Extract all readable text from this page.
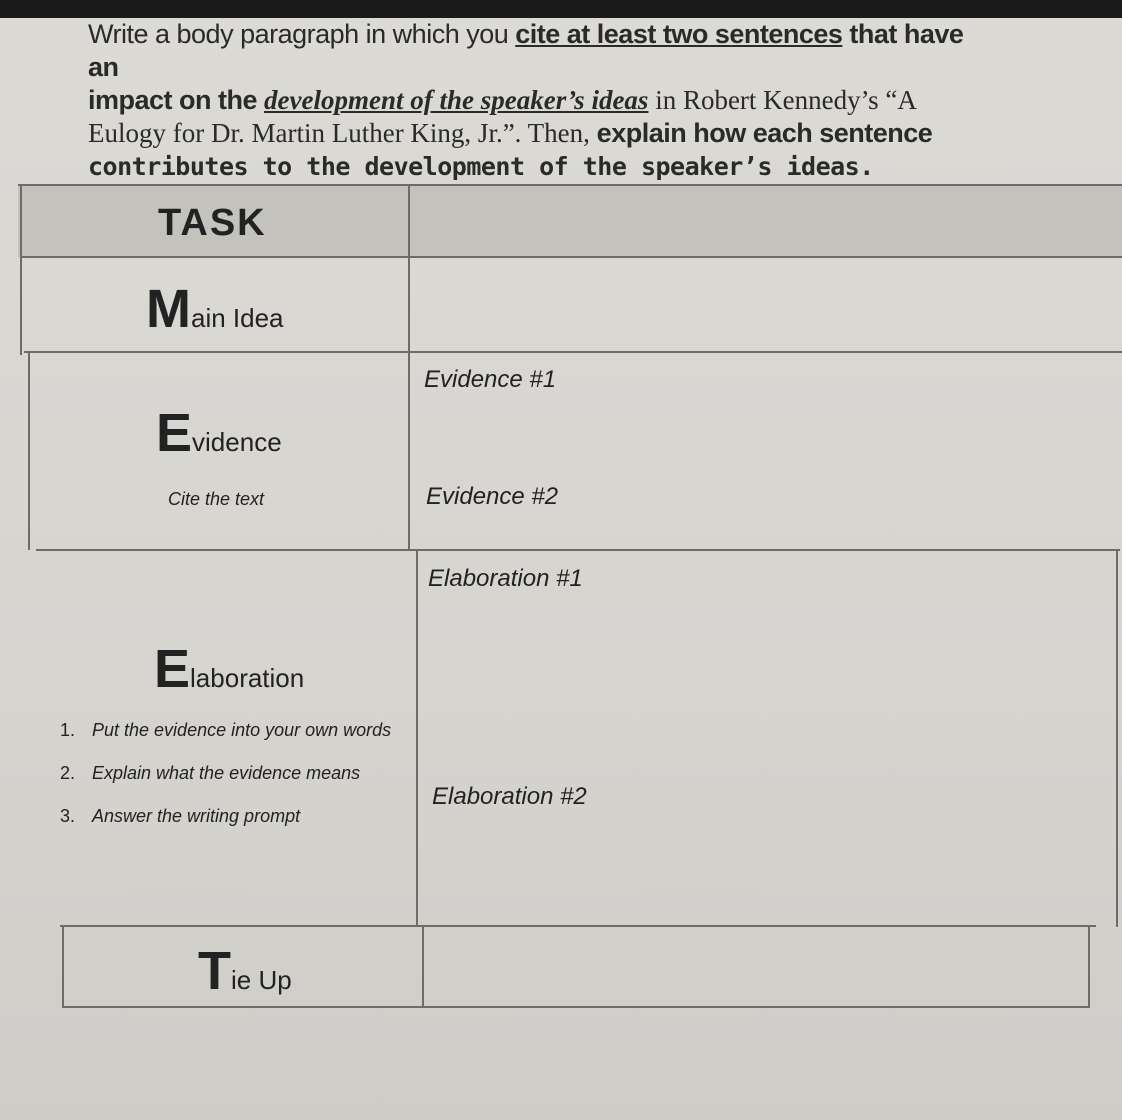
Write a body paragraph in which you cite at least two sentences that have an
impact on the development of the speaker’s ideas in Robert Kennedy’s “A
Eulogy for Dr. Martin Luther King, Jr.”. Then, explain how each sentence
contributes to the development of the speaker’s ideas.
TASK
Main Idea
Evidence
Cite the text
Evidence #1
Evidence #2
Elaboration
1. Put the evidence into your own words
2. Explain what the evidence means
3. Answer the writing prompt
Elaboration #1
Elaboration #2
Tie Up
